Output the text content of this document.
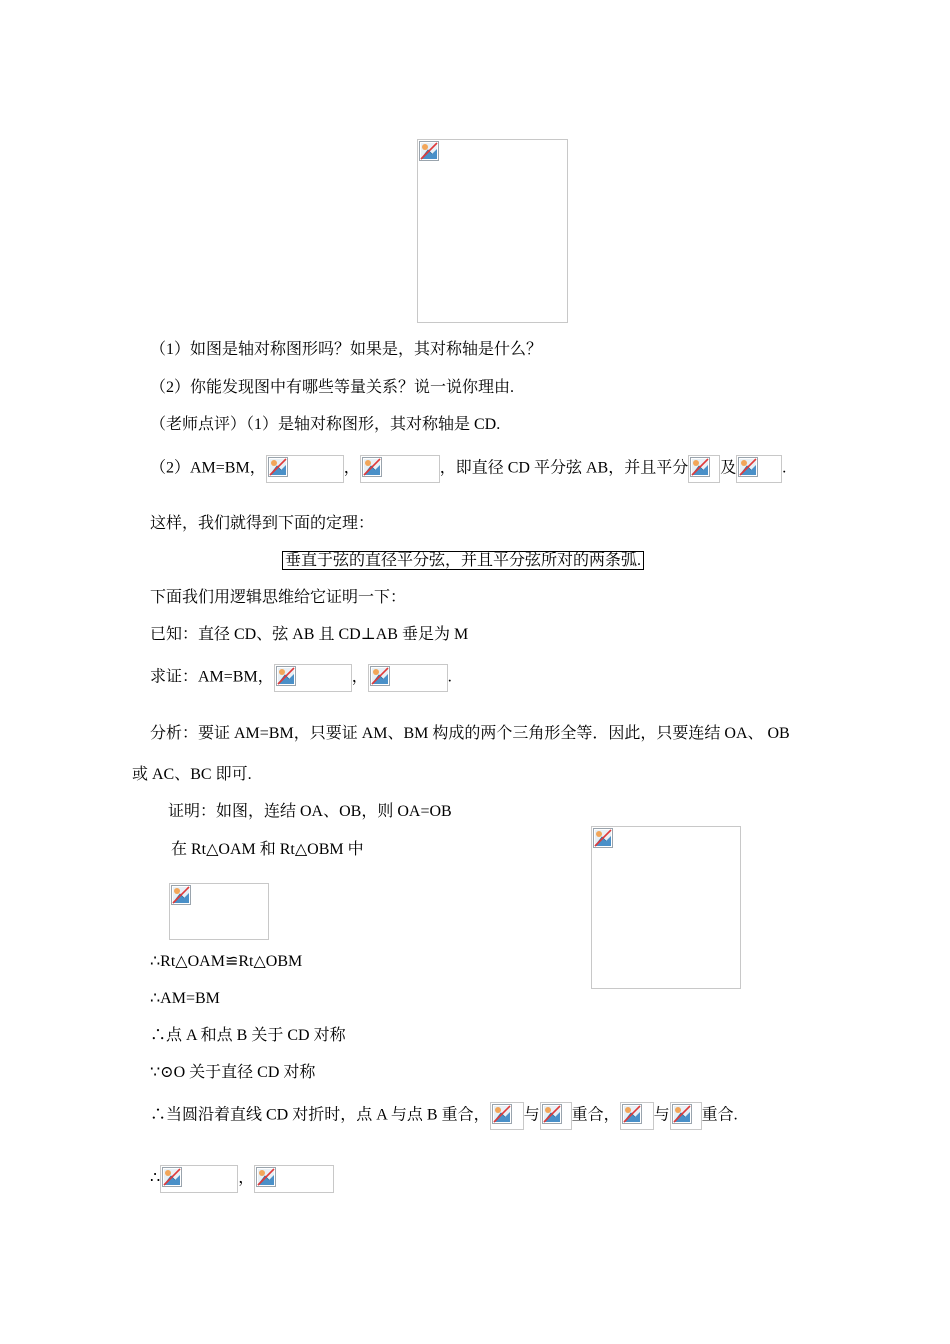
（1）如图是轴对称图形吗？如果是，其对称轴是什么？
（2）你能发现图中有哪些等量关系？说一说你理由.
（老师点评）（1）是轴对称图形，其对称轴是 CD.
（2）AM=BM，	，	，即直径 CD 平分弦 AB，并且平分 及	.
这样，我们就得到下面的定理：
垂直于弦的直径平分弦，并且平分弦所对的两条弧.
下面我们用逻辑思维给它证明一下：
已知：直径 CD、弦 AB 且 CD⊥AB 垂足为 M
求证：AM=BM，	，	.
分析：要证 AM=BM，只要证 AM、BM 构成的两个三角形全等．因此，只要连结 OA、 OB
或 AC、BC 即可.
证明：如图，连结 OA、OB，则 OA=OB
在 Rt△OAM 和 Rt△OBM 中
∴Rt△OAM≌Rt△OBM
∴AM=BM
∴点 A 和点 B 关于 CD 对称
∵⊙O 关于直径 CD 对称
∴当圆沿着直线 CD 对折时，点 A 与点 B 重合， 与 重合， 与 重合.
∴	，
